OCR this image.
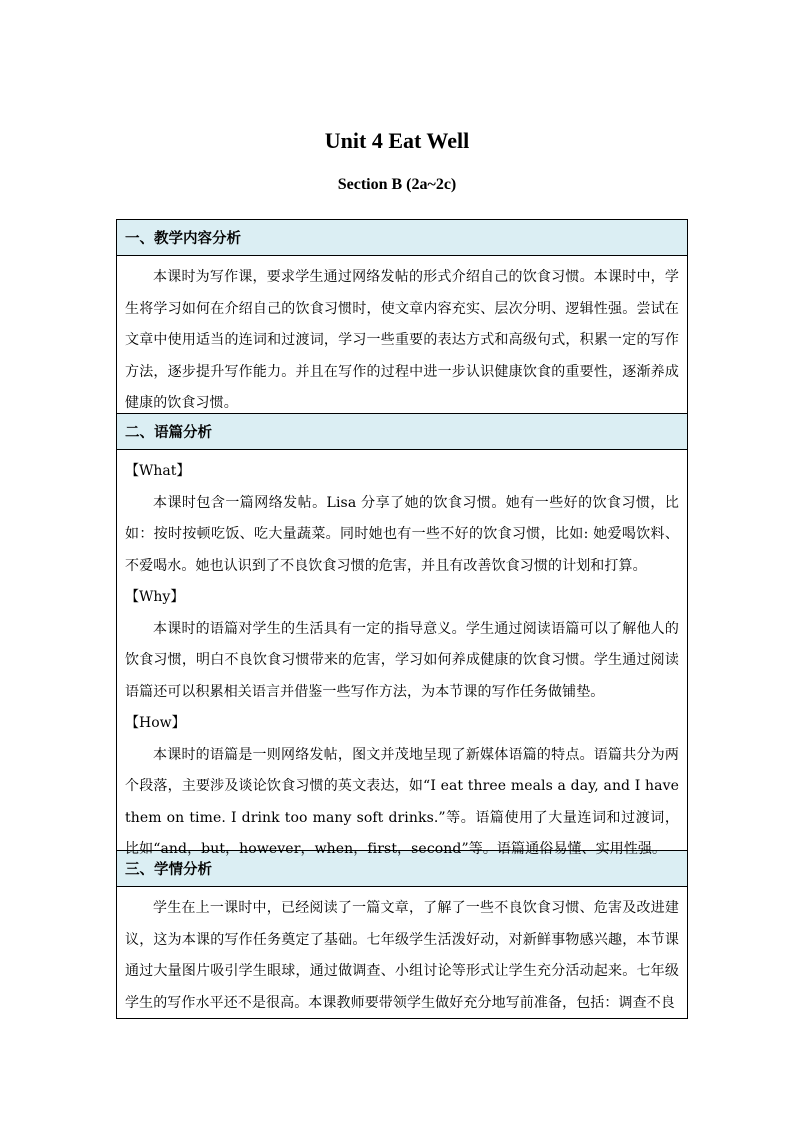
Unit 4 Eat Well
Section B (2a~2c)
一、教学内容分析

本课时为写作课，要求学生通过网络发帖的形式介绍自己的饮食习惯。本课时中，学生将学习如何在介绍自己的饮食习惯时，使文章内容充实、层次分明、逻辑性强。尝试在文章中使用适当的连词和过渡词，学习一些重要的表达方式和高级句式，积累一定的写作方法，逐步提升写作能力。并且在写作的过程中进一步认识健康饮食的重要性，逐渐养成健康的饮食习惯。

二、语篇分析

【What】

本课时包含一篇网络发帖。Lisa 分享了她的饮食习惯。她有一些好的饮食习惯，比如：按时按顿吃饭、吃大量蔬菜。同时她也有一些不好的饮食习惯，比如: 她爱喝饮料、不爱喝水。她也认识到了不良饮食习惯的危害，并且有改善饮食习惯的计划和打算。

【Why】

本课时的语篇对学生的生活具有一定的指导意义。学生通过阅读语篇可以了解他人的饮食习惯，明白不良饮食习惯带来的危害，学习如何养成健康的饮食习惯。学生通过阅读语篇还可以积累相关语言并借鉴一些写作方法，为本节课的写作任务做铺垫。

【How】

本课时的语篇是一则网络发帖，图文并茂地呈现了新媒体语篇的特点。语篇共分为两个段落，主要涉及谈论饮食习惯的英文表达，如“I eat three meals a day, and I have them on time. I drink too many soft drinks.”等。语篇使用了大量连词和过渡词，比如“and，but，however，when，first，second”等。语篇通俗易懂、实用性强。

三、学情分析

学生在上一课时中，已经阅读了一篇文章，了解了一些不良饮食习惯、危害及改进建议，这为本课的写作任务奠定了基础。七年级学生活泼好动，对新鲜事物感兴趣，本节课通过大量图片吸引学生眼球，通过做调查、小组讨论等形式让学生充分活动起来。七年级学生的写作水平还不是很高。本课教师要带领学生做好充分地写前准备，包括：调查不良
